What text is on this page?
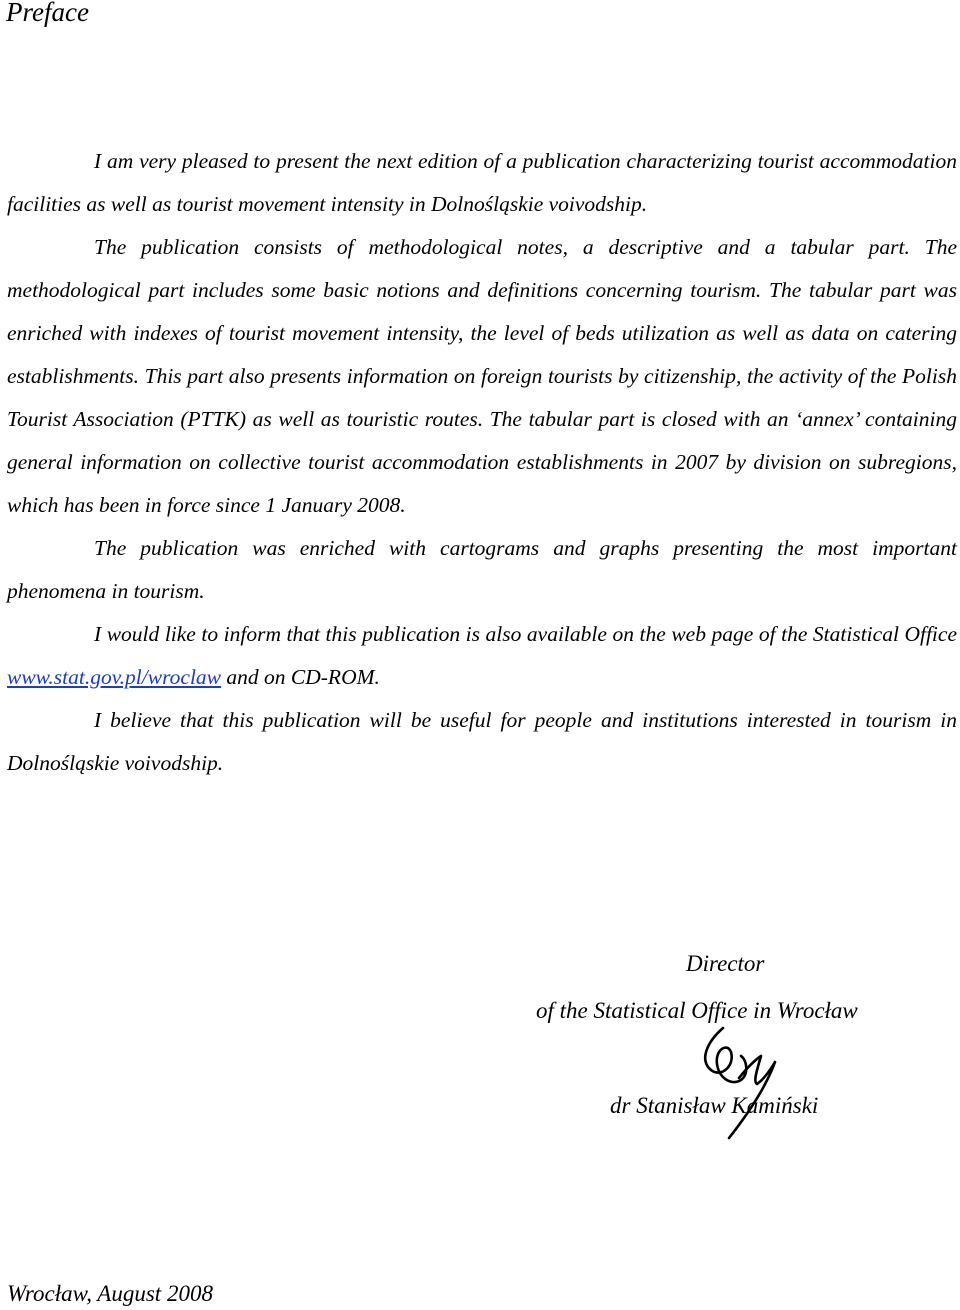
Preface

I am very pleased to present the next edition of a publication characterizing tourist accommodation facilities as well as tourist movement intensity in Dolnośląskie voivodship.

The publication consists of methodological notes, a descriptive and a tabular part. The methodological part includes some basic notions and definitions concerning tourism. The tabular part was enriched with indexes of tourist movement intensity, the level of beds utilization as well as data on catering establishments. This part also presents information on foreign tourists by citizenship, the activity of the Polish Tourist Association (PTTK) as well as touristic routes. The tabular part is closed with an ‘annex’ containing general information on collective tourist accommodation establishments in 2007 by division on subregions, which has been in force since 1 January 2008.

The publication was enriched with cartograms and graphs presenting the most important phenomena in tourism.

I would like to inform that this publication is also available on the web page of the Statistical Office www.stat.gov.pl/wroclaw and on CD-ROM.

I believe that this publication will be useful for people and institutions interested in tourism in Dolnośląskie voivodship.

Director
of the Statistical Office in Wrocław
dr Stanisław Kamiński
Wrocław, August 2008
